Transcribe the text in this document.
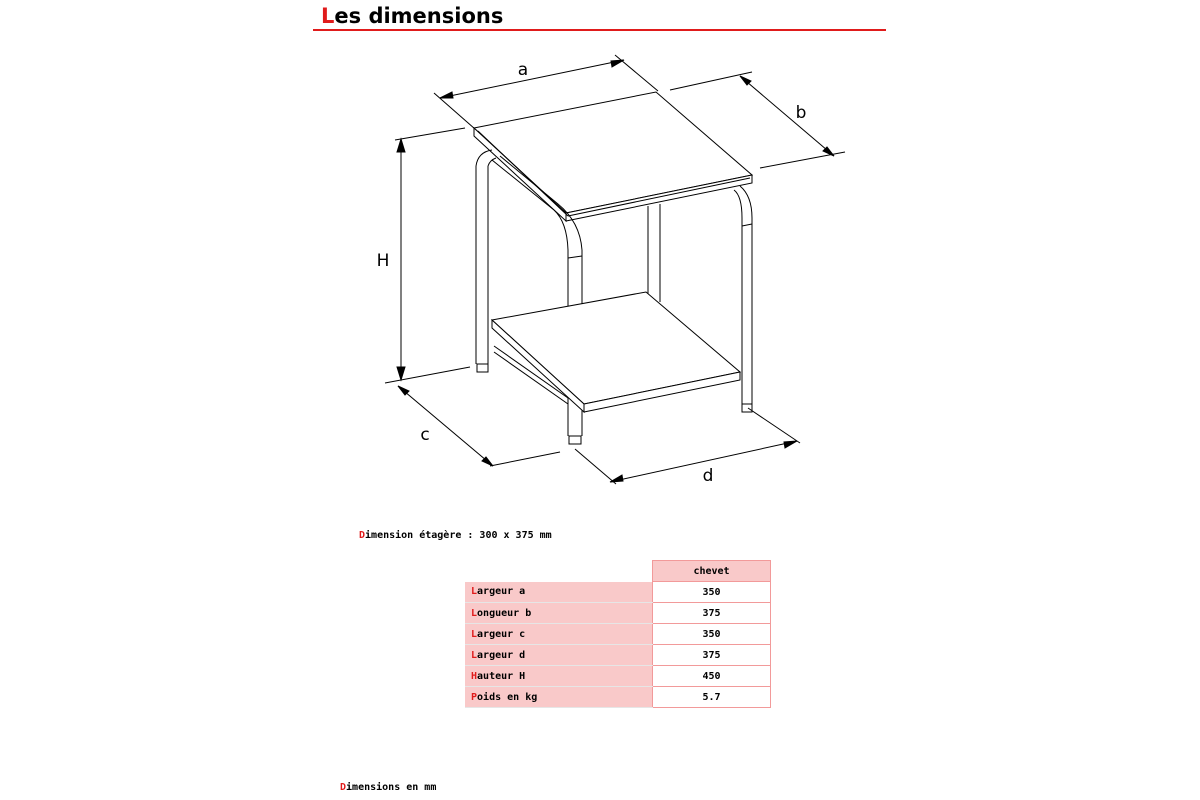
Les dimensions
a
b
H
c
d
Dimension étagère : 300 x 375 mm
	chevet
Largeur a	350
Longueur b	375
Largeur c	350
Largeur d	375
Hauteur H	450
Poids en kg	5.7
Dimensions en mm
